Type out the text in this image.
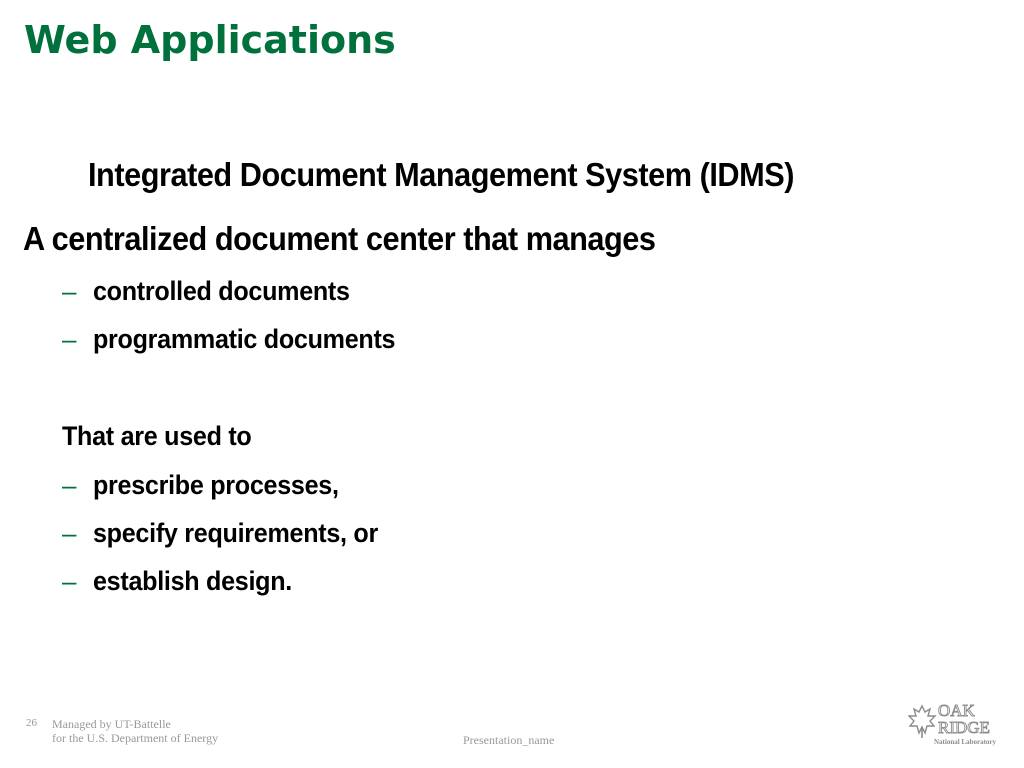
Web Applications
Integrated Document Management System (IDMS)
A centralized document center that manages
– controlled documents
– programmatic documents
That are used to
– prescribe processes,
– specify requirements, or
– establish design.
26 Managed by UT-Battelle
for the U.S. Department of Energy	Presentation_name
OAK
RIDGE
National Laboratory
